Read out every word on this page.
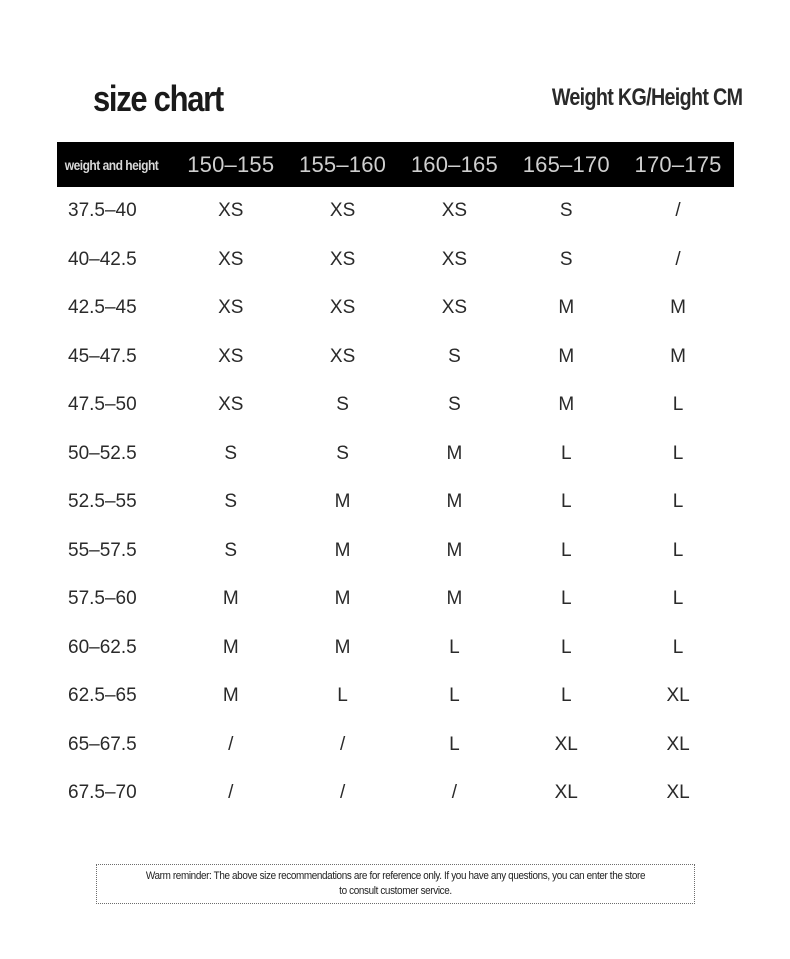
size chart	Weight KG/Height CM
weight and height	150–155	155–160	160–165	165–170	170–175
37.5–40	XS	XS	XS	S	/
40–42.5	XS	XS	XS	S	/
42.5–45	XS	XS	XS	M	M
45–47.5	XS	XS	S	M	M
47.5–50	XS	S	S	M	L
50–52.5	S	S	M	L	L
52.5–55	S	M	M	L	L
55–57.5	S	M	M	L	L
57.5–60	M	M	M	L	L
60–62.5	M	M	L	L	L
62.5–65	M	L	L	L	XL
65–67.5	/	/	L	XL	XL
67.5–70	/	/	/	XL	XL
Warm reminder: The above size recommendations are for reference only. If you have any questions, you can enter the store to consult customer service.
